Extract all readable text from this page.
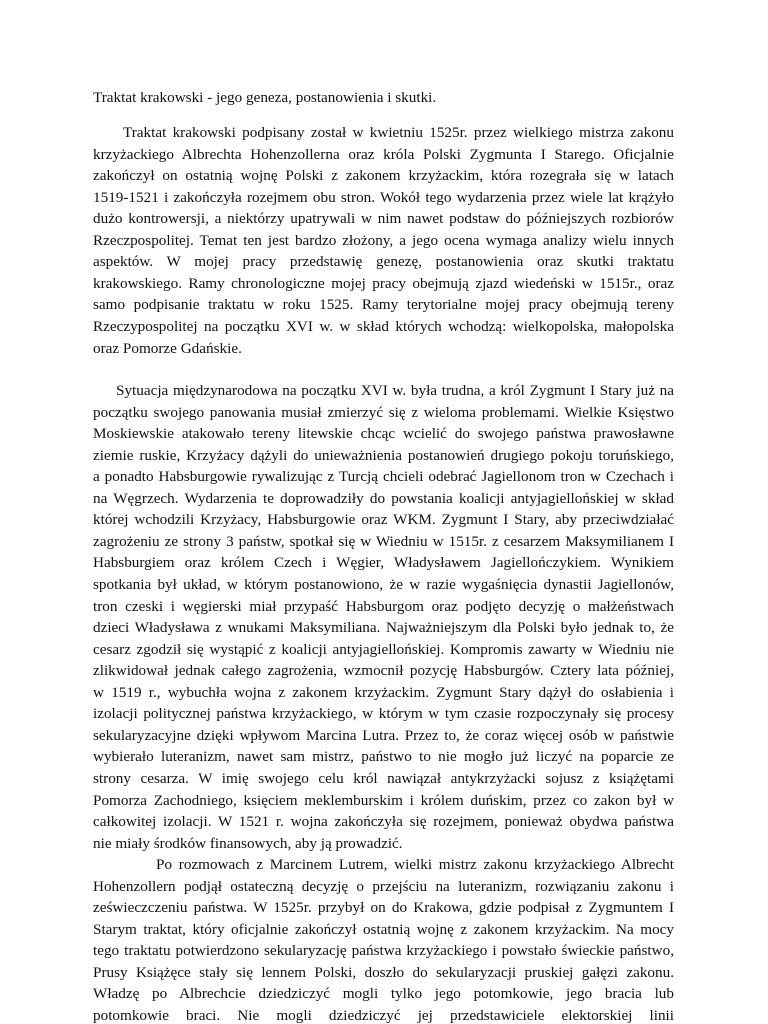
Traktat krakowski - jego geneza, postanowienia i skutki.
Traktat krakowski podpisany został w kwietniu 1525r. przez wielkiego mistrza zakonu
krzyżackiego Albrechta Hohenzollerna oraz króla Polski Zygmunta I Starego. Oficjalnie
zakończył on ostatnią wojnę Polski z zakonem krzyżackim, która rozegrała się w latach
1519-1521 i zakończyła rozejmem obu stron. Wokół tego wydarzenia przez wiele lat krążyło
dużo kontrowersji, a niektórzy upatrywali w nim nawet podstaw do późniejszych rozbiorów
Rzeczpospolitej. Temat ten jest bardzo złożony, a jego ocena wymaga analizy wielu innych
aspektów. W mojej pracy przedstawię genezę, postanowienia oraz skutki traktatu
krakowskiego. Ramy chronologiczne mojej pracy obejmują zjazd wiedeński w 1515r., oraz
samo podpisanie traktatu w roku 1525. Ramy terytorialne mojej pracy obejmują tereny
Rzeczypospolitej na początku XVI w. w skład których wchodzą: wielkopolska, małopolska
oraz Pomorze Gdańskie.
Sytuacja międzynarodowa na początku XVI w. była trudna, a król Zygmunt I Stary już na
początku swojego panowania musiał zmierzyć się z wieloma problemami. Wielkie Księstwo
Moskiewskie atakowało tereny litewskie chcąc wcielić do swojego państwa prawosławne
ziemie ruskie, Krzyżacy dążyli do unieważnienia postanowień drugiego pokoju toruńskiego,
a ponadto Habsburgowie rywalizując z Turcją chcieli odebrać Jagiellonom tron w Czechach i
na Węgrzech. Wydarzenia te doprowadziły do powstania koalicji antyjagiellońskiej w skład
której wchodzili Krzyżacy, Habsburgowie oraz WKM. Zygmunt I Stary, aby przeciwdziałać
zagrożeniu ze strony 3 państw, spotkał się w Wiedniu w 1515r. z cesarzem Maksymilianem I
Habsburgiem oraz królem Czech i Węgier, Władysławem Jagiellończykiem. Wynikiem
spotkania był układ, w którym postanowiono, że w razie wygaśnięcia dynastii Jagiellonów,
tron czeski i węgierski miał przypaść Habsburgom oraz podjęto decyzję o małżeństwach
dzieci Władysława z wnukami Maksymiliana. Najważniejszym dla Polski było jednak to, że
cesarz zgodził się wystąpić z koalicji antyjagiellońskiej. Kompromis zawarty w Wiedniu nie
zlikwidował jednak całego zagrożenia, wzmocnił pozycję Habsburgów. Cztery lata później,
w 1519 r., wybuchła wojna z zakonem krzyżackim. Zygmunt Stary dążył do osłabienia i
izolacji politycznej państwa krzyżackiego, w którym w tym czasie rozpoczynały się procesy
sekularyzacyjne dzięki wpływom Marcina Lutra. Przez to, że coraz więcej osób w państwie
wybierało luteranizm, nawet sam mistrz, państwo to nie mogło już liczyć na poparcie ze
strony cesarza. W imię swojego celu król nawiązał antykrzyżacki sojusz z książętami
Pomorza Zachodniego, księciem meklemburskim i królem duńskim, przez co zakon był w
całkowitej izolacji. W 1521 r. wojna zakończyła się rozejmem, ponieważ obydwa państwa
nie miały środków finansowych, aby ją prowadzić.
Po rozmowach z Marcinem Lutrem, wielki mistrz zakonu krzyżackiego Albrecht
Hohenzollern podjął ostateczną decyzję o przejściu na luteranizm, rozwiązaniu zakonu i
ześwieczczeniu państwa. W 1525r. przybył on do Krakowa, gdzie podpisał z Zygmuntem I
Starym traktat, który oficjalnie zakończył ostatnią wojnę z zakonem krzyżackim. Na mocy
tego traktatu potwierdzono sekularyzację państwa krzyżackiego i powstało świeckie państwo,
Prusy Książęce stały się lennem Polski, doszło do sekularyzacji pruskiej gałęzi zakonu.
Władzę po Albrechcie dziedziczyć mogli tylko jego potomkowie, jego bracia lub
potomkowie braci. Nie mogli dziedziczyć jej przedstawiciele elektorskiej linii
